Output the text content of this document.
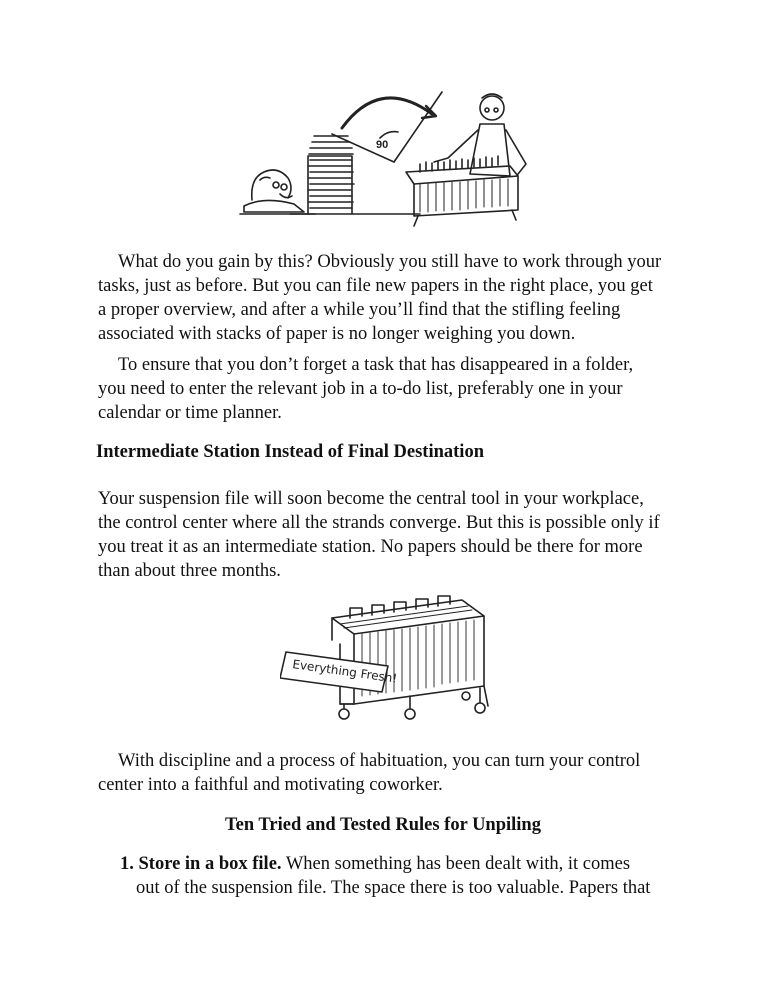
90

What do you gain by this? Obviously you still have to work through your
tasks, just as before. But you can file new papers in the right place, you get
a proper overview, and after a while you’ll find that the stifling feeling
associated with stacks of paper is no longer weighing you down.

To ensure that you don’t forget a task that has disappeared in a folder,
you need to enter the relevant job in a to-do list, preferably one in your
calendar or time planner.

Intermediate Station Instead of Final Destination

Your suspension file will soon become the central tool in your workplace,
the control center where all the strands converge. But this is possible only if
you treat it as an intermediate station. No papers should be there for more
than about three months.

Everything Fresh!

With discipline and a process of habituation, you can turn your control
center into a faithful and motivating coworker.

Ten Tried and Tested Rules for Unpiling

1. Store in a box file. When something has been dealt with, it comes
out of the suspension file. The space there is too valuable. Papers that
